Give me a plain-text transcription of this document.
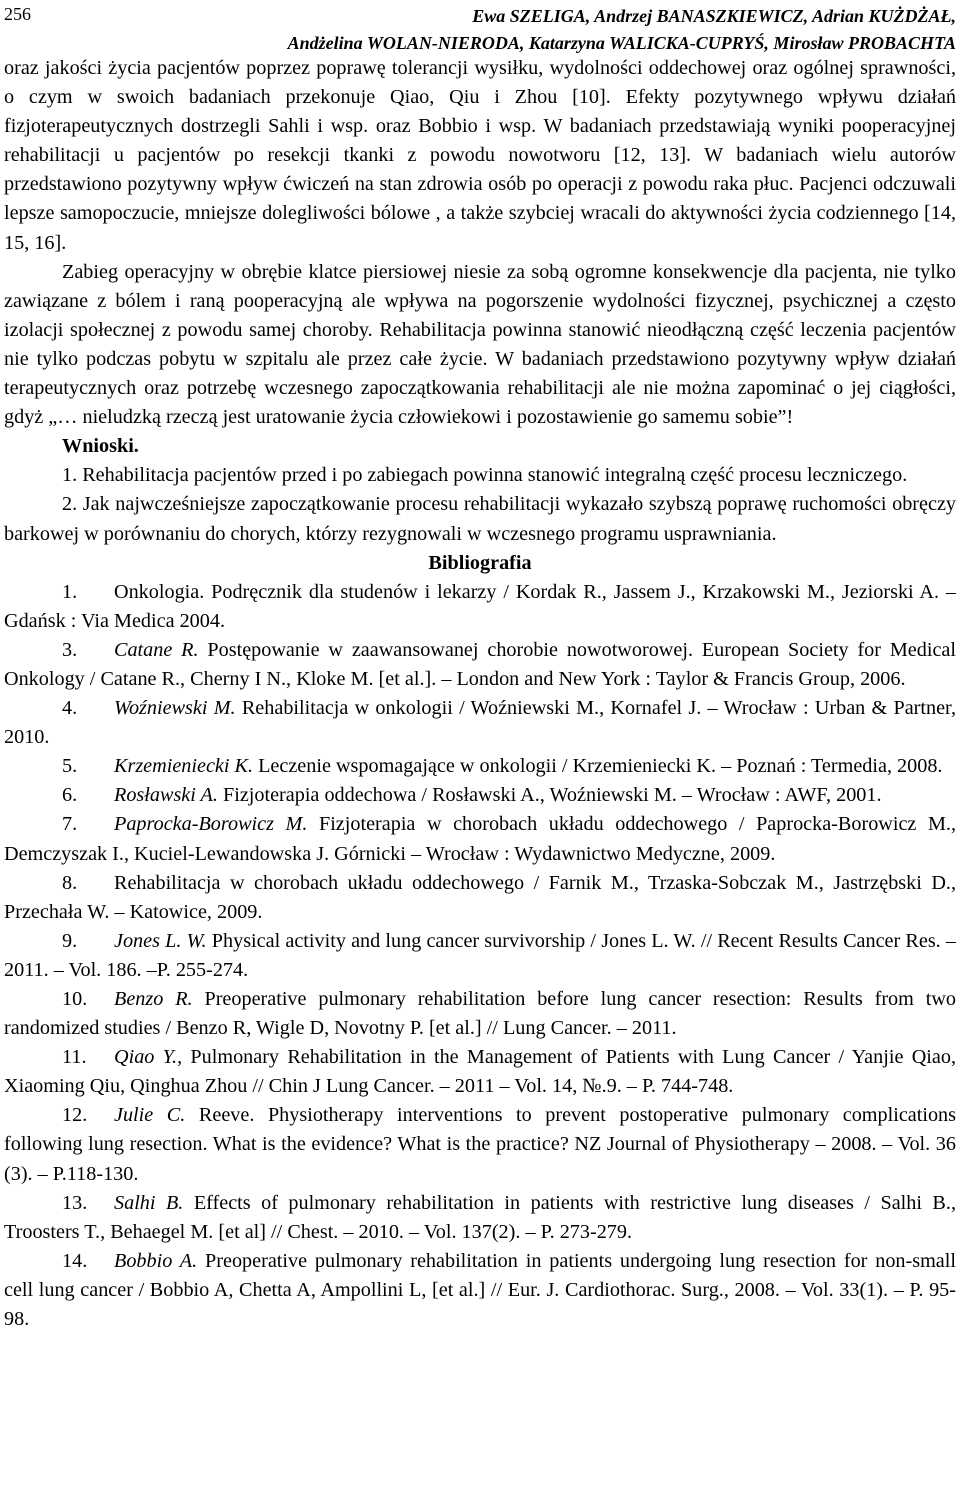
256	Ewa SZELIGA, Andrzej BANASZKIEWICZ, Adrian KUŻDŻAŁ,
Andżelina WOLAN-NIERODA, Katarzyna WALICKA-CUPRYŚ, Mirosław PROBACHTA

oraz jakości życia pacjentów poprzez poprawę tolerancji wysiłku, wydolności oddechowej oraz ogólnej sprawności, o czym w swoich badaniach przekonuje Qiao, Qiu i Zhou [10]. Efekty pozytywnego wpływu działań fizjoterapeutycznych dostrzegli Sahli i wsp. oraz Bobbio i wsp. W badaniach przedstawiają wyniki pooperacyjnej rehabilitacji u pacjentów po resekcji tkanki z powodu nowotworu [12, 13]. W badaniach wielu autorów przedstawiono pozytywny wpływ ćwiczeń na stan zdrowia osób po operacji z powodu raka płuc. Pacjenci odczuwali lepsze samopoczucie, mniejsze dolegliwości bólowe , a także szybciej wracali do aktywności życia codziennego [14, 15, 16].

Zabieg operacyjny w obrębie klatce piersiowej niesie za sobą ogromne konsekwencje dla pacjenta, nie tylko zawiązane z bólem i raną pooperacyjną ale wpływa na pogorszenie wydolności fizycznej, psychicznej a często izolacji społecznej z powodu samej choroby. Rehabilitacja powinna stanowić nieodłączną część leczenia pacjentów nie tylko podczas pobytu w szpitalu ale przez całe życie. W badaniach przedstawiono pozytywny wpływ działań terapeutycznych oraz potrzebę wczesnego zapoczątkowania rehabilitacji ale nie można zapominać o jej ciągłości, gdyż „… nieludzką rzeczą jest uratowanie życia człowiekowi i pozostawienie go samemu sobie”!

Wnioski.

1. Rehabilitacja pacjentów przed i po zabiegach powinna stanowić integralną część procesu leczniczego.

2. Jak najwcześniejsze zapoczątkowanie procesu rehabilitacji wykazało szybszą poprawę ruchomości obręczy barkowej w porównaniu do chorych, którzy rezygnowali w wczesnego programu usprawniania.

Bibliografia

1. Onkologia. Podręcznik dla studenów i lekarzy / Kordak R., Jassem J., Krzakowski M., Jeziorski A. – Gdańsk : Via Medica 2004.

3. Catane R. Postępowanie w zaawansowanej chorobie nowotworowej. European Society for Medical Onkology / Catane R., Cherny I N., Kloke M. [et al.]. – London and New York : Taylor & Francis Group, 2006.

4. Woźniewski M. Rehabilitacja w onkologii / Woźniewski M., Kornafel J. – Wrocław : Urban & Partner, 2010.

5. Krzemieniecki K. Leczenie wspomagające w onkologii / Krzemieniecki K. – Poznań : Termedia, 2008.

6. Rosławski A. Fizjoterapia oddechowa / Rosławski A., Woźniewski M. – Wrocław : AWF, 2001.

7. Paprocka-Borowicz M. Fizjoterapia w chorobach układu oddechowego / Paprocka-Borowicz M., Demczyszak I., Kuciel-Lewandowska J. Górnicki – Wrocław : Wydawnictwo Medyczne, 2009.

8. Rehabilitacja w chorobach układu oddechowego / Farnik M., Trzaska-Sobczak M., Jastrzębski D., Przechała W. – Katowice, 2009.

9. Jones L. W. Physical activity and lung cancer survivorship / Jones L. W. // Recent Results Cancer Res. – 2011. – Vol. 186. –P. 255-274.

10. Benzo R. Preoperative pulmonary rehabilitation before lung cancer resection: Results from two randomized studies / Benzo R, Wigle D, Novotny P. [et al.] // Lung Cancer. – 2011.

11. Qiao Y., Pulmonary Rehabilitation in the Management of Patients with Lung Cancer / Yanjie Qiao, Xiaoming Qiu, Qinghua Zhou // Chin J Lung Cancer. – 2011 – Vol. 14, №.9. – P. 744-748.

12. Julie C. Reeve. Physiotherapy interventions to prevent postoperative pulmonary complications following lung resection. What is the evidence? What is the practice? NZ Journal of Physiotherapy – 2008. – Vol. 36 (3). – P.118-130.

13. Salhi B. Effects of pulmonary rehabilitation in patients with restrictive lung diseases / Salhi B., Troosters T., Behaegel M. [et al] // Chest. – 2010. – Vol. 137(2). – P. 273-279.

14. Bobbio A. Preoperative pulmonary rehabilitation in patients undergoing lung resection for non-small cell lung cancer / Bobbio A, Chetta A, Ampollini L, [et al.] // Eur. J. Cardiothorac. Surg., 2008. – Vol. 33(1). – P. 95-98.
